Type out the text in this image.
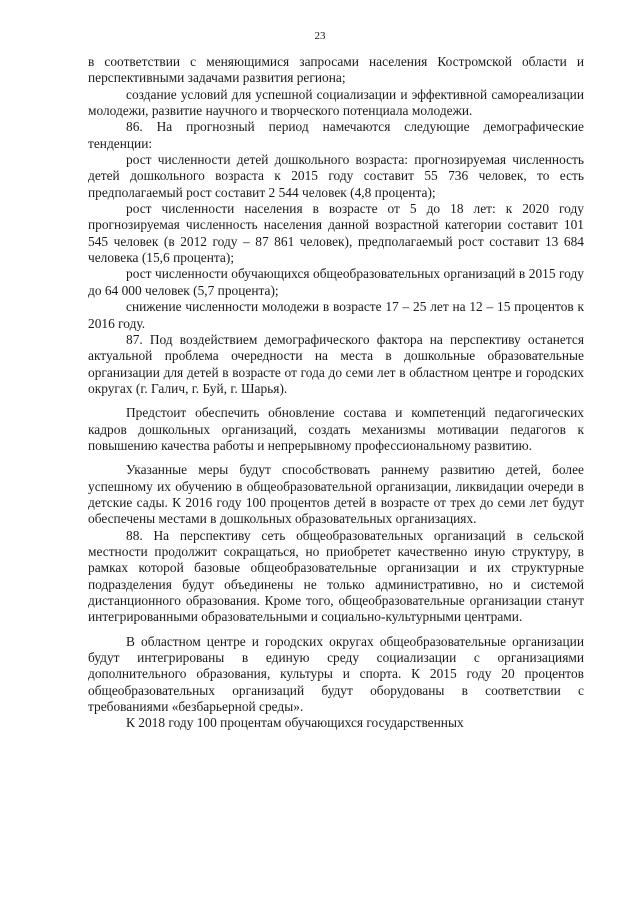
23

в соответствии с меняющимися запросами населения Костромской области и перспективными задачами развития региона;

создание условий для успешной социализации и эффективной самореализации молодежи, развитие научного и творческого потенциала молодежи.

86. На прогнозный период намечаются следующие демографические тенденции:

рост численности детей дошкольного возраста: прогнозируемая численность детей дошкольного возраста к 2015 году составит 55 736 человек, то есть предполагаемый рост составит 2 544 человек (4,8 процента);

рост численности населения в возрасте от 5 до 18 лет: к 2020 году прогнозируемая численность населения данной возрастной категории составит 101 545 человек (в 2012 году – 87 861 человек), предполагаемый рост составит 13 684 человека (15,6 процента);

рост численности обучающихся общеобразовательных организаций в 2015 году до 64 000 человек (5,7 процента);

снижение численности молодежи в возрасте 17 – 25 лет на 12 – 15 процентов к 2016 году.

87. Под воздействием демографического фактора на перспективу останется актуальной проблема очередности на места в дошкольные образовательные организации для детей в возрасте от года до семи лет в областном центре и городских округах (г. Галич, г. Буй, г. Шарья).

Предстоит обеспечить обновление состава и компетенций педагогических кадров дошкольных организаций, создать механизмы мотивации педагогов к повышению качества работы и непрерывному профессиональному развитию.

Указанные меры будут способствовать раннему развитию детей, более успешному их обучению в общеобразовательной организации, ликвидации очереди в детские сады. К 2016 году 100 процентов детей в возрасте от трех до семи лет будут обеспечены местами в дошкольных образовательных организациях.

88. На перспективу сеть общеобразовательных организаций в сельской местности продолжит сокращаться, но приобретет качественно иную структуру, в рамках которой базовые общеобразовательные организации и их структурные подразделения будут объединены не только административно, но и системой дистанционного образования. Кроме того, общеобразовательные организации станут интегрированными образовательными и социально-культурными центрами.

В областном центре и городских округах общеобразовательные организации будут интегрированы в единую среду социализации с организациями дополнительного образования, культуры и спорта. К 2015 году 20 процентов общеобразовательных организаций будут оборудованы в соответствии с требованиями «безбарьерной среды».

К 2018 году 100 процентам обучающихся государственных
